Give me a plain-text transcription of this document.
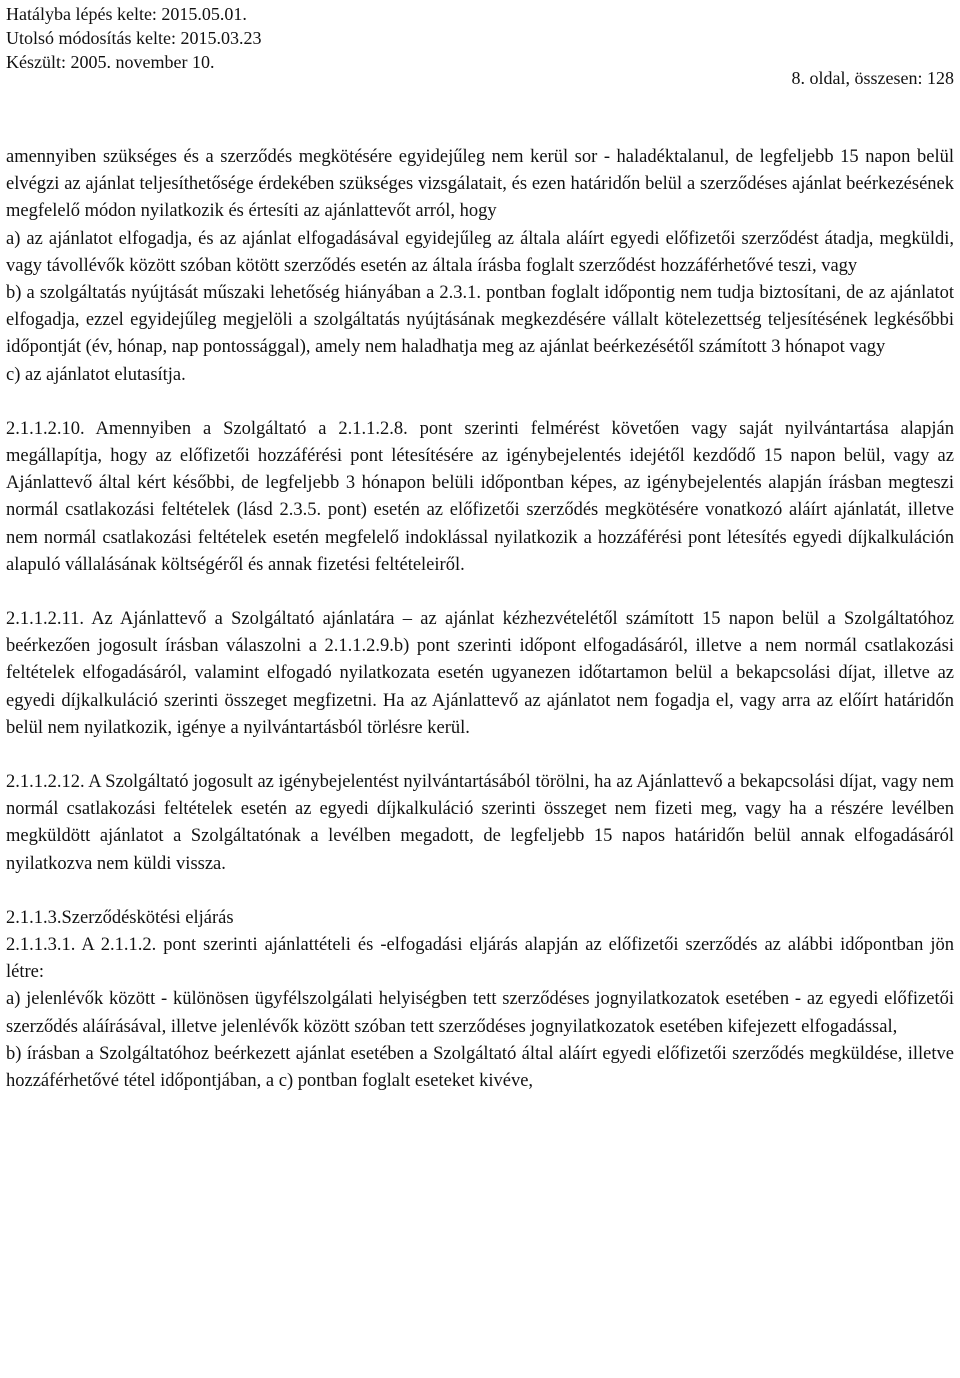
Hatályba lépés kelte: 2015.05.01.
Utolsó módosítás kelte: 2015.03.23
Készült: 2005. november 10.
8. oldal, összesen: 128

amennyiben szükséges és a szerződés megkötésére egyidejűleg nem kerül sor - haladéktalanul, de legfeljebb 15 napon belül elvégzi az ajánlat teljesíthetősége érdekében szükséges vizsgálatait, és ezen határidőn belül a szerződéses ajánlat beérkezésének megfelelő módon nyilatkozik és értesíti az ajánlattevőt arról, hogy

a) az ajánlatot elfogadja, és az ajánlat elfogadásával egyidejűleg az általa aláírt egyedi előfizetői szerződést átadja, megküldi, vagy távollévők között szóban kötött szerződés esetén az általa írásba foglalt szerződést hozzáférhetővé teszi, vagy

b) a szolgáltatás nyújtását műszaki lehetőség hiányában a 2.3.1. pontban foglalt időpontig nem tudja biztosítani, de az ajánlatot elfogadja, ezzel egyidejűleg megjelöli a szolgáltatás nyújtásának megkezdésére vállalt kötelezettség teljesítésének legkésőbbi időpontját (év, hónap, nap pontossággal), amely nem haladhatja meg az ajánlat beérkezésétől számított 3 hónapot vagy

c) az ajánlatot elutasítja.

2.1.1.2.10. Amennyiben a Szolgáltató a 2.1.1.2.8. pont szerinti felmérést követően vagy saját nyilvántartása alapján megállapítja, hogy az előfizetői hozzáférési pont létesítésére az igénybejelentés idejétől kezdődő 15 napon belül, vagy az Ajánlattevő által kért későbbi, de legfeljebb 3 hónapon belüli időpontban képes, az igénybejelentés alapján írásban megteszi normál csatlakozási feltételek (lásd 2.3.5. pont) esetén az előfizetői szerződés megkötésére vonatkozó aláírt ajánlatát, illetve nem normál csatlakozási feltételek esetén megfelelő indoklással nyilatkozik a hozzáférési pont létesítés egyedi díjkalkuláción alapuló vállalásának költségéről és annak fizetési feltételeiről.

2.1.1.2.11. Az Ajánlattevő a Szolgáltató ajánlatára – az ajánlat kézhezvételétől számított 15 napon belül a Szolgáltatóhoz beérkezően jogosult írásban válaszolni a 2.1.1.2.9.b) pont szerinti időpont elfogadásáról, illetve a nem normál csatlakozási feltételek elfogadásáról, valamint elfogadó nyilatkozata esetén ugyanezen időtartamon belül a bekapcsolási díjat, illetve az egyedi díjkalkuláció szerinti összeget megfizetni. Ha az Ajánlattevő az ajánlatot nem fogadja el, vagy arra az előírt határidőn belül nem nyilatkozik, igénye a nyilvántartásból törlésre kerül.

2.1.1.2.12. A Szolgáltató jogosult az igénybejelentést nyilvántartásából törölni, ha az Ajánlattevő a bekapcsolási díjat, vagy nem normál csatlakozási feltételek esetén az egyedi díjkalkuláció szerinti összeget nem fizeti meg, vagy ha a részére levélben megküldött ajánlatot a Szolgáltatónak a levélben megadott, de legfeljebb 15 napos határidőn belül annak elfogadásáról nyilatkozva nem küldi vissza.

2.1.1.3.Szerződéskötési eljárás

2.1.1.3.1. A 2.1.1.2. pont szerinti ajánlattételi és -elfogadási eljárás alapján az előfizetői szerződés az alábbi időpontban jön létre:

a) jelenlévők között - különösen ügyfélszolgálati helyiségben tett szerződéses jognyilatkozatok esetében - az egyedi előfizetői szerződés aláírásával, illetve jelenlévők között szóban tett szerződéses jognyilatkozatok esetében kifejezett elfogadással,

b) írásban a Szolgáltatóhoz beérkezett ajánlat esetében a Szolgáltató által aláírt egyedi előfizetői szerződés megküldése, illetve hozzáférhetővé tétel időpontjában, a c) pontban foglalt eseteket kivéve,
